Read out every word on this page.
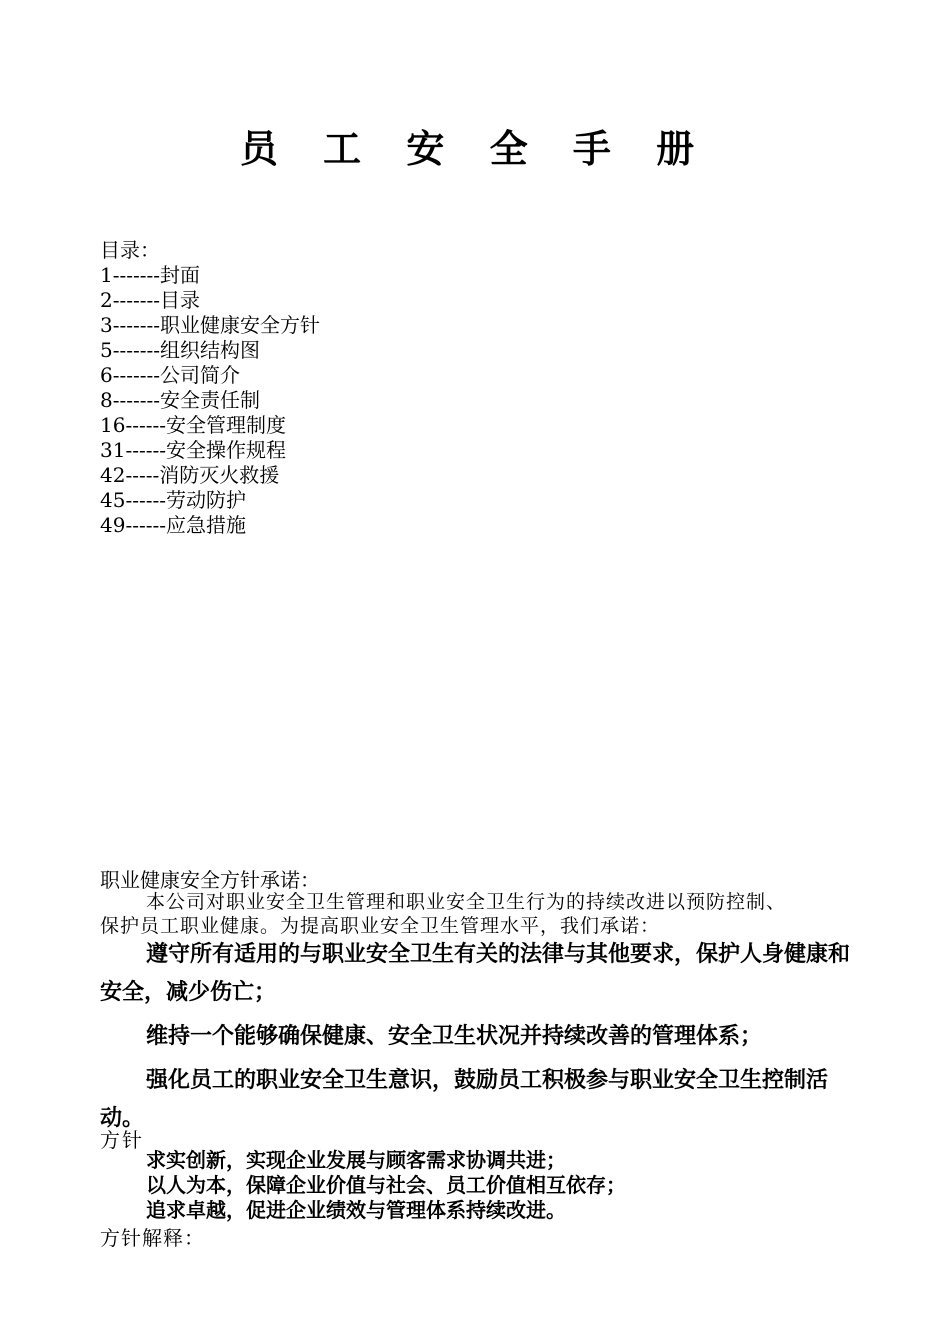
员 工 安 全 手 册
目录：
1-------封面
2-------目录
3-------职业健康安全方针
5-------组织结构图
6-------公司简介
8-------安全责任制
16------安全管理制度
31------安全操作规程
42-----消防灭火救援
45------劳动防护
49------应急措施
职业健康安全方针承诺：
本公司对职业安全卫生管理和职业安全卫生行为的持续改进以预防控制、
保护员工职业健康。为提高职业安全卫生管理水平，我们承诺：

遵守所有适用的与职业安全卫生有关的法律与其他要求，保护人身健康和安全，减少伤亡；

维持一个能够确保健康、安全卫生状况并持续改善的管理体系；

强化员工的职业安全卫生意识，鼓励员工积极参与职业安全卫生控制活动。

方针
求实创新，实现企业发展与顾客需求协调共进；
以人为本，保障企业价值与社会、员工价值相互依存；
追求卓越，促进企业绩效与管理体系持续改进。
方针解释：
